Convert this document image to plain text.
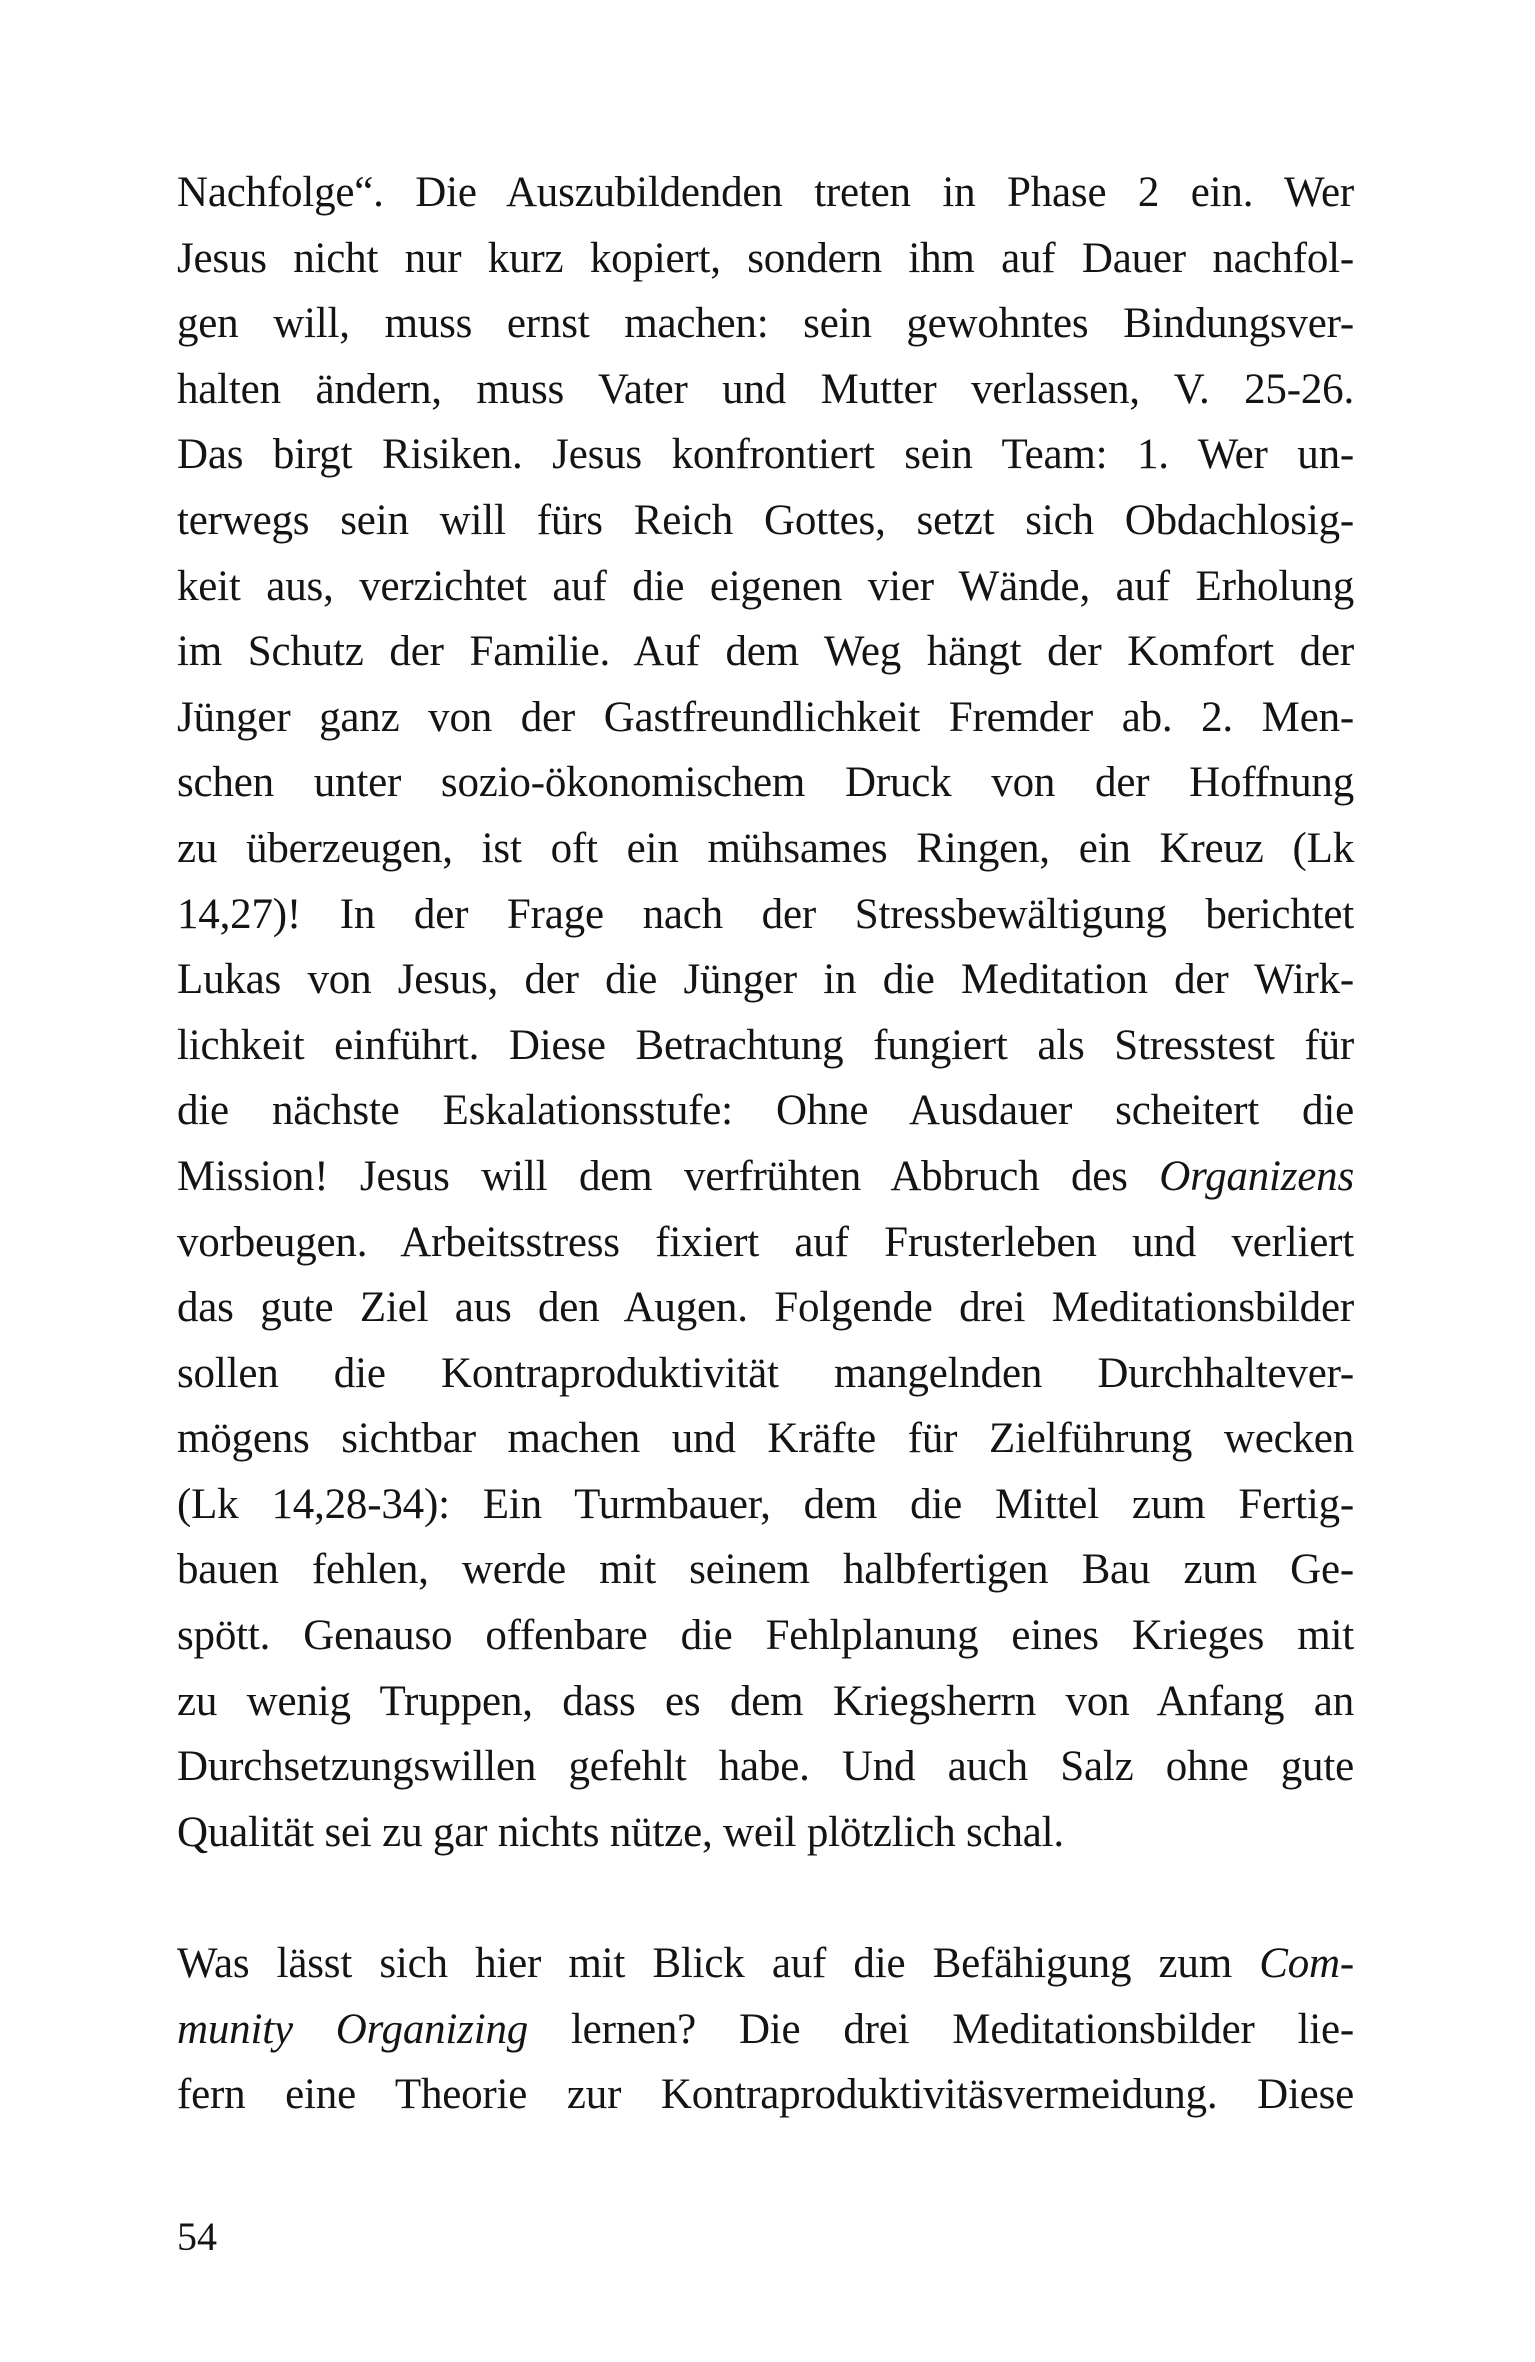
Nachfolge“. Die Auszubildenden treten in Phase 2 ein. Wer
Jesus nicht nur kurz kopiert, sondern ihm auf Dauer nachfol-
gen will, muss ernst machen: sein gewohntes Bindungsver-
halten ändern, muss Vater und Mutter verlassen, V. 25-26.
Das birgt Risiken. Jesus konfrontiert sein Team: 1. Wer un-
terwegs sein will fürs Reich Gottes, setzt sich Obdachlosig-
keit aus, verzichtet auf die eigenen vier Wände, auf Erholung
im Schutz der Familie. Auf dem Weg hängt der Komfort der
Jünger ganz von der Gastfreundlichkeit Fremder ab. 2. Men-
schen unter sozio-ökonomischem Druck von der Hoffnung
zu überzeugen, ist oft ein mühsames Ringen, ein Kreuz (Lk
14,27)! In der Frage nach der Stressbewältigung berichtet
Lukas von Jesus, der die Jünger in die Meditation der Wirk-
lichkeit einführt. Diese Betrachtung fungiert als Stresstest für
die nächste Eskalationsstufe: Ohne Ausdauer scheitert die
Mission! Jesus will dem verfrühten Abbruch des Organizens
vorbeugen. Arbeitsstress fixiert auf Frusterleben und verliert
das gute Ziel aus den Augen. Folgende drei Meditationsbilder
sollen die Kontraproduktivität mangelnden Durchhaltever-
mögens sichtbar machen und Kräfte für Zielführung wecken
(Lk 14,28-34): Ein Turmbauer, dem die Mittel zum Fertig-
bauen fehlen, werde mit seinem halbfertigen Bau zum Ge-
spött. Genauso offenbare die Fehlplanung eines Krieges mit
zu wenig Truppen, dass es dem Kriegsherrn von Anfang an
Durchsetzungswillen gefehlt habe. Und auch Salz ohne gute
Qualität sei zu gar nichts nütze, weil plötzlich schal.
Was lässt sich hier mit Blick auf die Befähigung zum Com-
munity Organizing lernen? Die drei Meditationsbilder lie-
fern eine Theorie zur Kontraproduktivitäsvermeidung. Diese
54
